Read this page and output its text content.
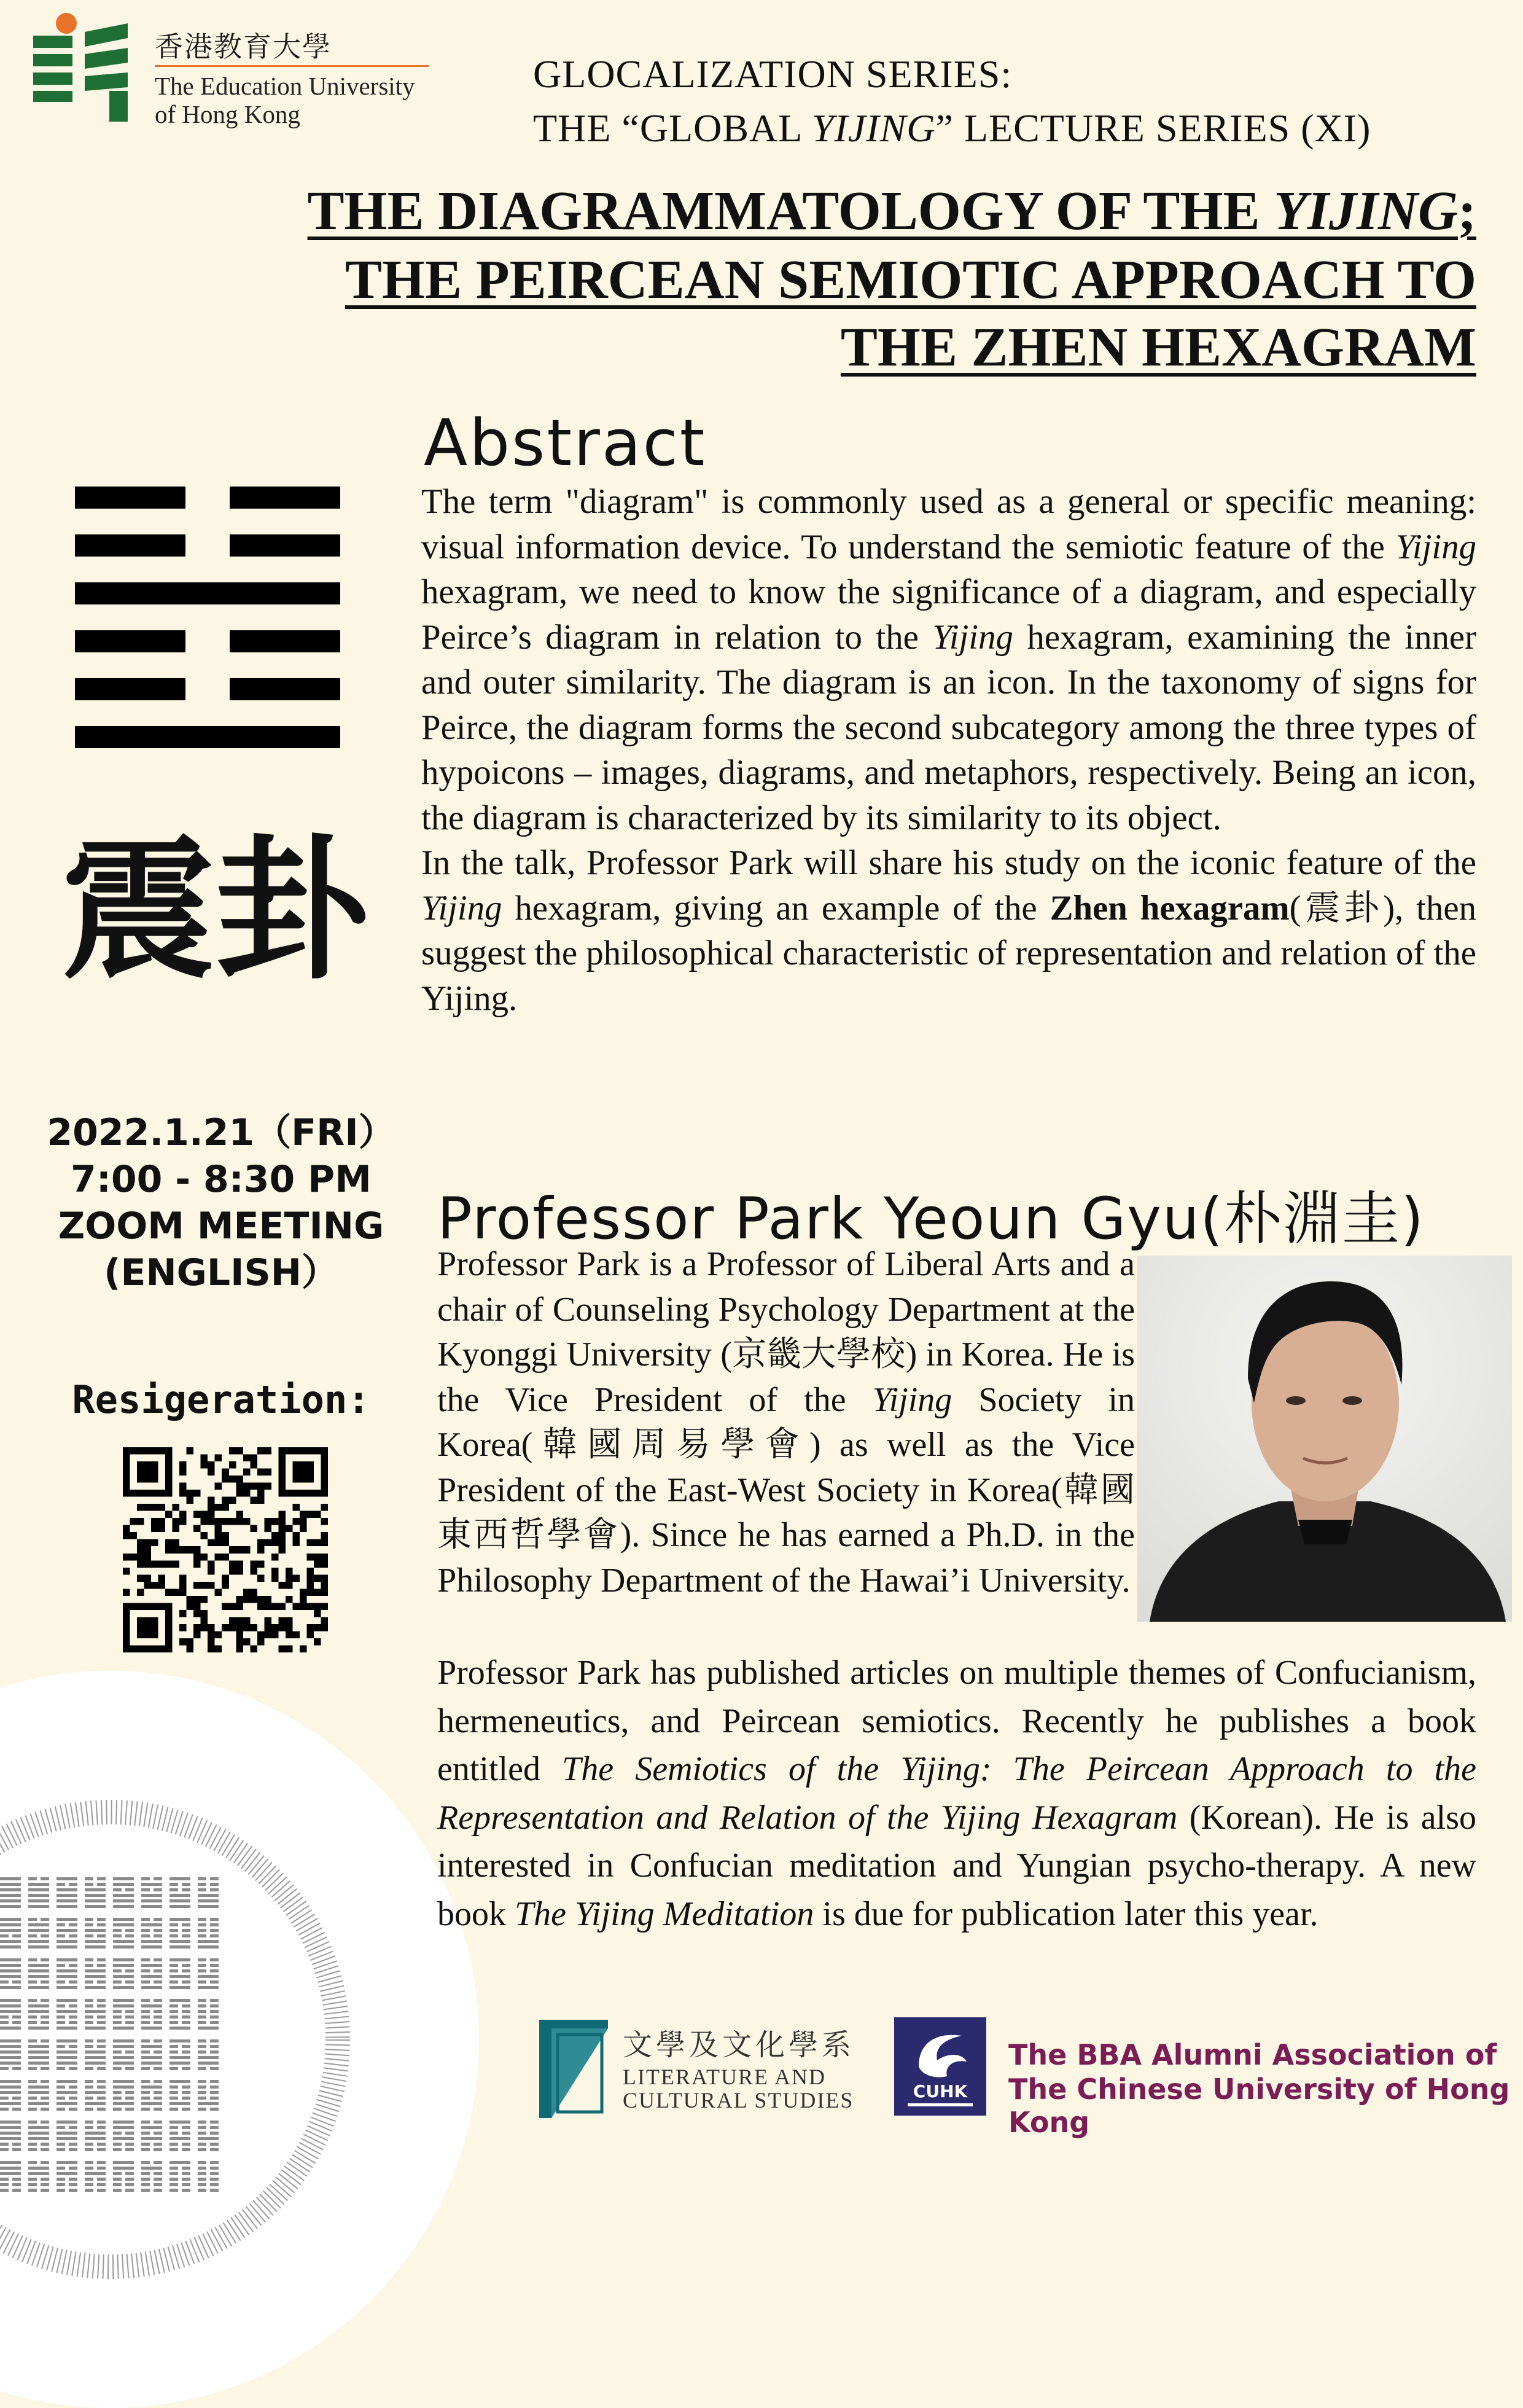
香港教育大學
The Education University
of Hong Kong
GLOCALIZATION SERIES:
THE “GLOBAL YIJING” LECTURE SERIES (XI)
THE DIAGRAMMATOLOGY OF THE YIJING;
THE PEIRCEAN SEMIOTIC APPROACH TO
THE ZHEN HEXAGRAM
震卦
Abstract
The term "diagram" is commonly used as a general or specific meaning: visual information device. To understand the semiotic feature of the Yijing hexagram, we need to know the significance of a diagram, and especially Peirce’s diagram in relation to the Yijing hexagram, examining the inner and outer similarity. The diagram is an icon. In the taxonomy of signs for Peirce, the diagram forms the second subcategory among the three types of hypoicons – images, diagrams, and metaphors, respectively. Being an icon, the diagram is characterized by its similarity to its object.
In the talk, Professor Park will share his study on the iconic feature of the Yijing hexagram, giving an example of the Zhen hexagram(震卦), then suggest the philosophical characteristic of representation and relation of the Yijing.
2022.1.21（FRI）
7:00 - 8:30 PM
ZOOM MEETING
(ENGLISH）
Resigeration:
Professor Park Yeoun Gyu(朴淵圭)
Professor Park is a Professor of Liberal Arts and a chair of Counseling Psychology Department at the Kyonggi University (京畿大學校) in Korea. He is the Vice President of the Yijing Society in Korea(韓國周易學會) as well as the Vice President of the East-West Society in Korea(韓國東西哲學會). Since he has earned a Ph.D. in the Philosophy Department of the Hawai’i University.
Professor Park has published articles on multiple themes of Confucianism, hermeneutics, and Peircean semiotics. Recently he publishes a book entitled The Semiotics of the Yijing: The Peircean Approach to the Representation and Relation of the Yijing Hexagram (Korean). He is also interested in Confucian meditation and Yungian psycho-therapy. A new book The Yijing Meditation is due for publication later this year.
文學及文化學系
LITERATURE AND
CULTURAL STUDIES	CUHK
The BBA Alumni Association of
The Chinese University of Hong Kong
